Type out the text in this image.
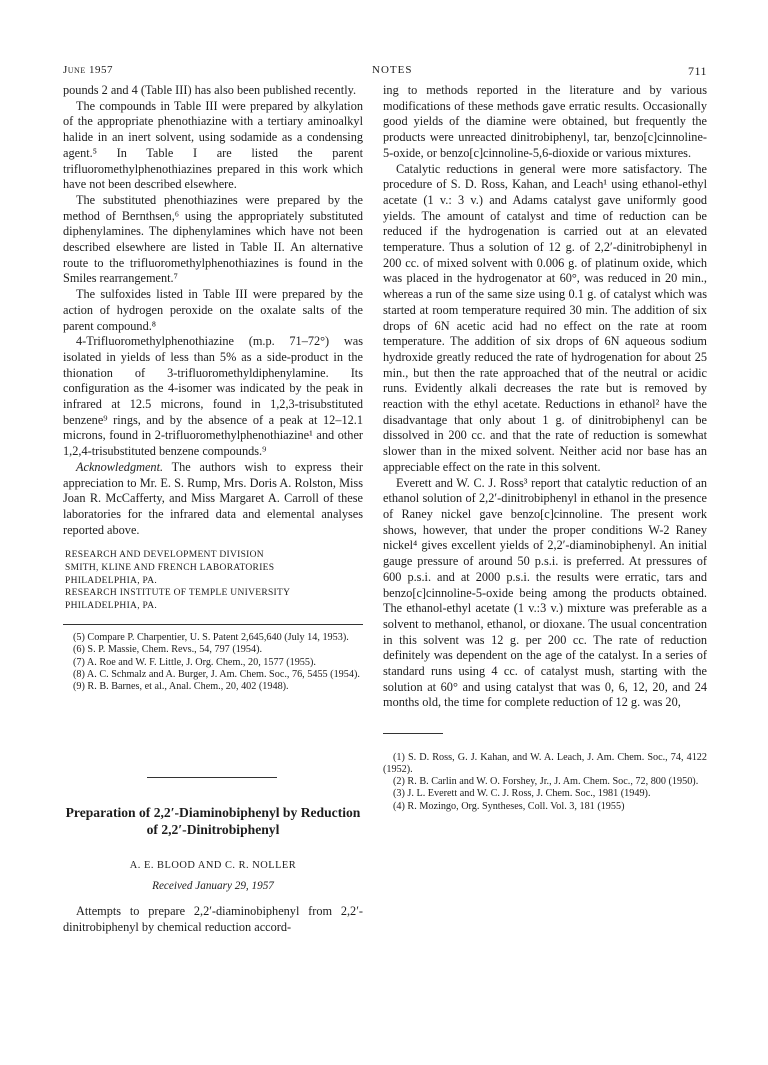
June 1957	NOTES	711

pounds 2 and 4 (Table III) has also been published recently.

The compounds in Table III were prepared by alkylation of the appropriate phenothiazine with a tertiary aminoalkyl halide in an inert solvent, using sodamide as a condensing agent.⁵ In Table I are listed the parent trifluoromethylphenothiazines prepared in this work which have not been described elsewhere.

The substituted phenothiazines were prepared by the method of Bernthsen,⁶ using the appropriately substituted diphenylamines. The diphenylamines which have not been described elsewhere are listed in Table II. An alternative route to the trifluoromethylphenothiazines is found in the Smiles rearrangement.⁷

The sulfoxides listed in Table III were prepared by the action of hydrogen peroxide on the oxalate salts of the parent compound.⁸

4-Trifluoromethylphenothiazine (m.p. 71–72°) was isolated in yields of less than 5% as a side-product in the thionation of 3-trifluoromethyldiphenylamine. Its configuration as the 4-isomer was indicated by the peak in infrared at 12.5 microns, found in 1,2,3-trisubstituted benzene⁹ rings, and by the absence of a peak at 12–12.1 microns, found in 2-trifluoromethylphenothiazine¹ and other 1,2,4-trisubstituted benzene compounds.⁹

Acknowledgment. The authors wish to express their appreciation to Mr. E. S. Rump, Mrs. Doris A. Rolston, Miss Joan R. McCafferty, and Miss Margaret A. Carroll of these laboratories for the infrared data and elemental analyses reported above.

RESEARCH AND DEVELOPMENT DIVISION
SMITH, KLINE AND FRENCH LABORATORIES
PHILADELPHIA, PA.
RESEARCH INSTITUTE OF TEMPLE UNIVERSITY
PHILADELPHIA, PA.

(5) Compare P. Charpentier, U. S. Patent 2,645,640 (July 14, 1953).

(6) S. P. Massie, Chem. Revs., 54, 797 (1954).

(7) A. Roe and W. F. Little, J. Org. Chem., 20, 1577 (1955).

(8) A. C. Schmalz and A. Burger, J. Am. Chem. Soc., 76, 5455 (1954).

(9) R. B. Barnes, et al., Anal. Chem., 20, 402 (1948).

Preparation of 2,2′-Diaminobiphenyl by Reduction of 2,2′-Dinitrobiphenyl

A. E. BLOOD AND C. R. NOLLER

Received January 29, 1957

Attempts to prepare 2,2′-diaminobiphenyl from 2,2′-dinitrobiphenyl by chemical reduction accord-

ing to methods reported in the literature and by various modifications of these methods gave erratic results. Occasionally good yields of the diamine were obtained, but frequently the products were unreacted dinitrobiphenyl, tar, benzo[c]cinnoline-5-oxide, or benzo[c]cinnoline-5,6-dioxide or various mixtures.

Catalytic reductions in general were more satisfactory. The procedure of S. D. Ross, Kahan, and Leach¹ using ethanol-ethyl acetate (1 v.: 3 v.) and Adams catalyst gave uniformly good yields. The amount of catalyst and time of reduction can be reduced if the hydrogenation is carried out at an elevated temperature. Thus a solution of 12 g. of 2,2′-dinitrobiphenyl in 200 cc. of mixed solvent with 0.006 g. of platinum oxide, which was placed in the hydrogenator at 60°, was reduced in 20 min., whereas a run of the same size using 0.1 g. of catalyst which was started at room temperature required 30 min. The addition of six drops of 6N acetic acid had no effect on the rate at room temperature. The addition of six drops of 6N aqueous sodium hydroxide greatly reduced the rate of hydrogenation for about 25 min., but then the rate approached that of the neutral or acidic runs. Evidently alkali decreases the rate but is removed by reaction with the ethyl acetate. Reductions in ethanol² have the disadvantage that only about 1 g. of dinitrobiphenyl can be dissolved in 200 cc. and that the rate of reduction is somewhat slower than in the mixed solvent. Neither acid nor base has an appreciable effect on the rate in this solvent.

Everett and W. C. J. Ross³ report that catalytic reduction of an ethanol solution of 2,2′-dinitrobiphenyl in ethanol in the presence of Raney nickel gave benzo[c]cinnoline. The present work shows, however, that under the proper conditions W-2 Raney nickel⁴ gives excellent yields of 2,2′-diaminobiphenyl. An initial gauge pressure of around 50 p.s.i. is preferred. At pressures of 600 p.s.i. and at 2000 p.s.i. the results were erratic, tars and benzo[c]cinnoline-5-oxide being among the products obtained. The ethanol-ethyl acetate (1 v.:3 v.) mixture was preferable as a solvent to methanol, ethanol, or dioxane. The usual concentration in this solvent was 12 g. per 200 cc. The rate of reduction definitely was dependent on the age of the catalyst. In a series of standard runs using 4 cc. of catalyst mush, starting with the solution at 60° and using catalyst that was 0, 6, 12, 20, and 24 months old, the time for complete reduction of 12 g. was 20,

(1) S. D. Ross, G. J. Kahan, and W. A. Leach, J. Am. Chem. Soc., 74, 4122 (1952).

(2) R. B. Carlin and W. O. Forshey, Jr., J. Am. Chem. Soc., 72, 800 (1950).

(3) J. L. Everett and W. C. J. Ross, J. Chem. Soc., 1981 (1949).

(4) R. Mozingo, Org. Syntheses, Coll. Vol. 3, 181 (1955)
